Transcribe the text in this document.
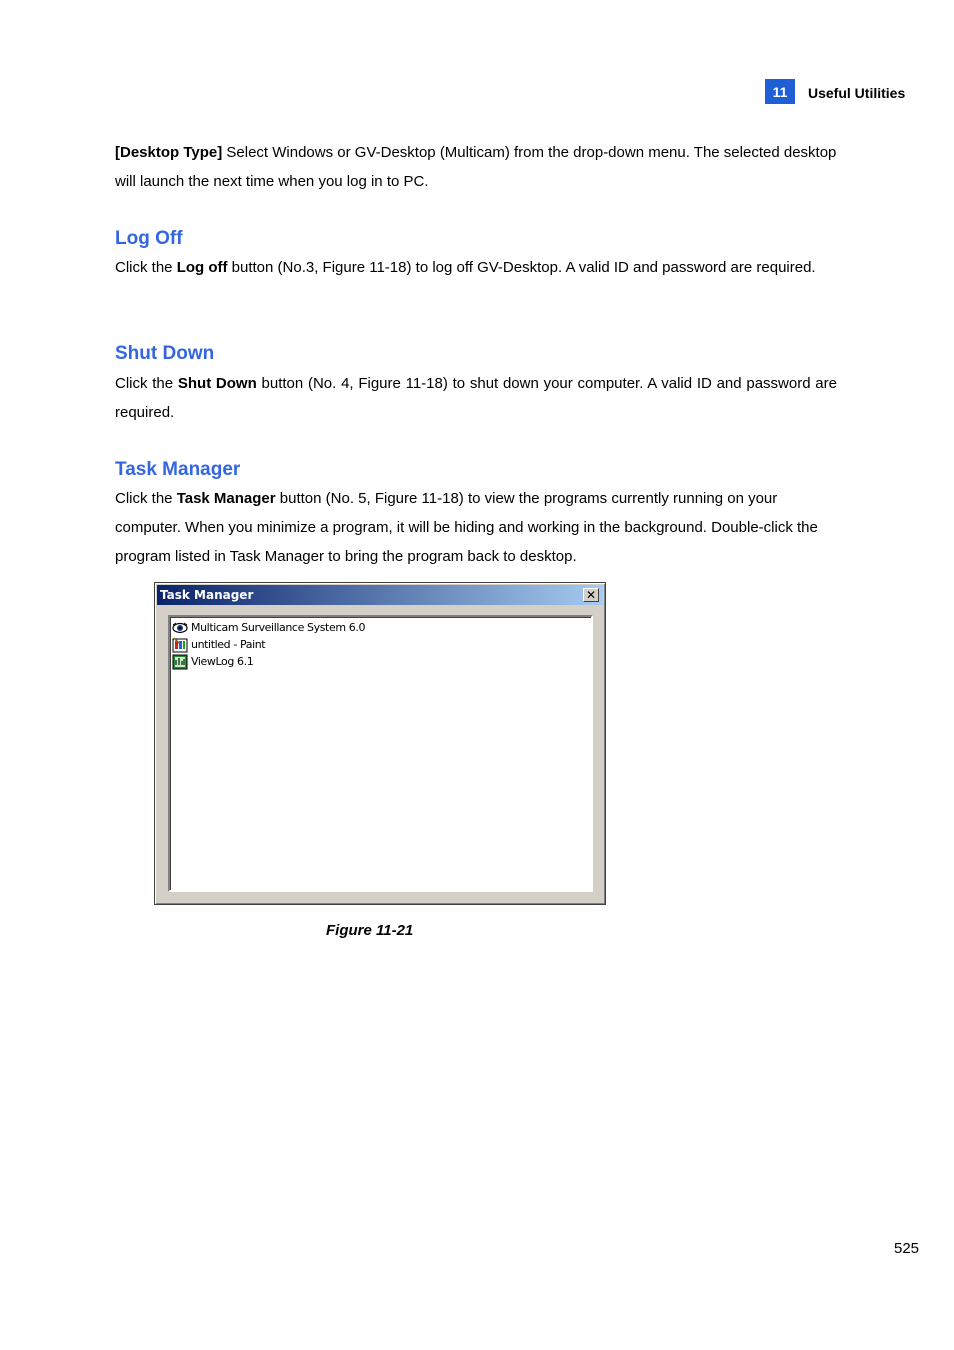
11	Useful Utilities

[Desktop Type] Select Windows or GV-Desktop (Multicam) from the drop-down menu. The selected desktop will launch the next time when you log in to PC.

Log Off

Click the Log off button (No.3, Figure 11-18) to log off GV-Desktop. A valid ID and password are required.

Shut Down

Click the Shut Down button (No. 4, Figure 11-18) to shut down your computer. A valid ID and password are required.

Task Manager

Click the Task Manager button (No. 5, Figure 11-18) to view the programs currently running on your computer. When you minimize a program, it will be hiding and working in the background. Double-click the program listed in Task Manager to bring the program back to desktop.

Task Manager	✕
Multicam Surveillance System 6.0
untitled - Paint
ViewLog 6.1
Figure 11-21
525
